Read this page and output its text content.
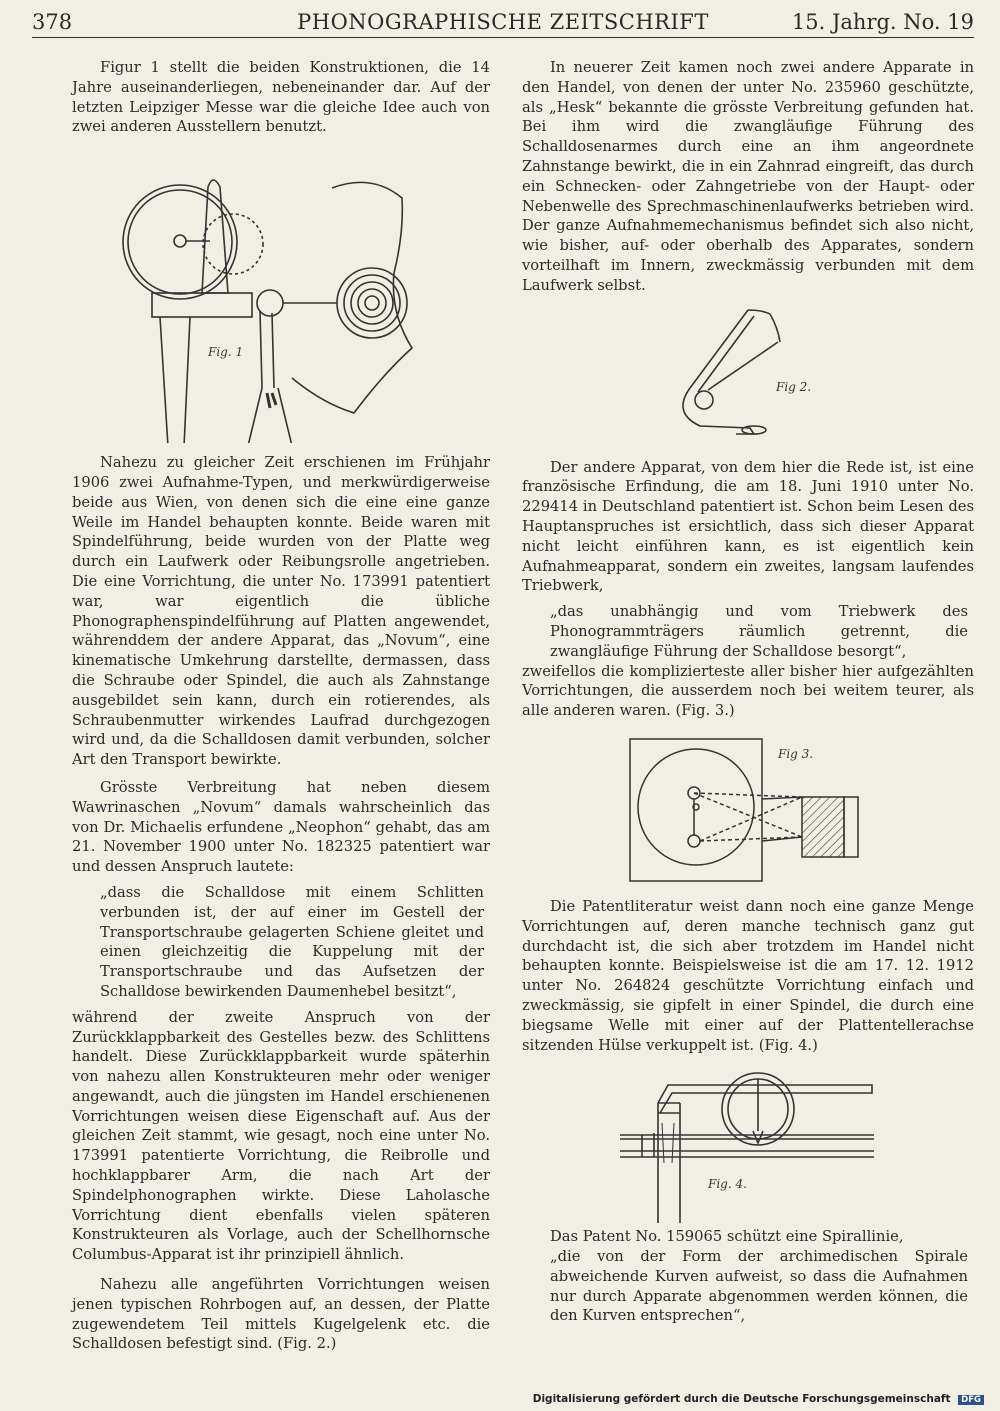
378	PHONOGRAPHISCHE ZEITSCHRIFT	15. Jahrg. No. 19

Figur 1 stellt die beiden Konstruktionen, die 14 Jahre auseinanderliegen, nebeneinander dar. Auf der letzten Leipziger Messe war die gleiche Idee auch von zwei anderen Ausstellern benutzt.

Fig. 1

Nahezu zu gleicher Zeit erschienen im Frühjahr 1906 zwei Aufnahme-Typen, und merkwürdigerweise beide aus Wien, von denen sich die eine eine ganze Weile im Handel behaupten konnte. Beide waren mit Spindelführung, beide wurden von der Platte weg durch ein Laufwerk oder Reibungsrolle angetrieben. Die eine Vorrichtung, die unter No. 173991 patentiert war, war eigentlich die übliche Phonographenspindelführung auf Platten angewendet, währenddem der andere Apparat, das „Novum“, eine kinematische Umkehrung darstellte, dermassen, dass die Schraube oder Spindel, die auch als Zahnstange ausgebildet sein kann, durch ein rotierendes, als Schraubenmutter wirkendes Laufrad durchgezogen wird und, da die Schalldosen damit verbunden, solcher Art den Transport bewirkte.

Grösste Verbreitung hat neben diesem Wawrinaschen „Novum“ damals wahrscheinlich das von Dr. Michaelis erfundene „Neophon“ gehabt, das am 21. November 1900 unter No. 182325 patentiert war und dessen Anspruch lautete:

„dass die Schalldose mit einem Schlitten verbunden ist, der auf einer im Gestell der Transportschraube gelagerten Schiene gleitet und einen gleichzeitig die Kuppelung mit der Transportschraube und das Aufsetzen der Schalldose bewirkenden Daumenhebel besitzt“,

während der zweite Anspruch von der Zurückklappbarkeit des Gestelles bezw. des Schlittens handelt. Diese Zurückklappbarkeit wurde späterhin von nahezu allen Konstrukteuren mehr oder weniger angewandt, auch die jüngsten im Handel erschienenen Vorrichtungen weisen diese Eigenschaft auf. Aus der gleichen Zeit stammt, wie gesagt, noch eine unter No. 173991 patentierte Vorrichtung, die Reibrolle und hochklappbarer Arm, die nach Art der Spindelphonographen wirkte. Diese Laholasche Vorrichtung dient ebenfalls vielen späteren Konstrukteuren als Vorlage, auch der Schellhornsche Columbus-Apparat ist ihr prinzipiell ähnlich.

Nahezu alle angeführten Vorrichtungen weisen jenen typischen Rohrbogen auf, an dessen, der Platte zugewendetem Teil mittels Kugelgelenk etc. die Schalldosen befestigt sind. (Fig. 2.)

In neuerer Zeit kamen noch zwei andere Apparate in den Handel, von denen der unter No. 235960 geschützte, als „Hesk“ bekannte die grösste Verbreitung gefunden hat. Bei ihm wird die zwangläufige Führung des Schalldosenarmes durch eine an ihm angeordnete Zahnstange bewirkt, die in ein Zahnrad eingreift, das durch ein Schnecken- oder Zahngetriebe von der Haupt- oder Nebenwelle des Sprechmaschinenlaufwerks betrieben wird. Der ganze Aufnahmemechanismus befindet sich also nicht, wie bisher, auf- oder oberhalb des Apparates, sondern vorteilhaft im Innern, zweckmässig verbunden mit dem Laufwerk selbst.

Fig 2.

Der andere Apparat, von dem hier die Rede ist, ist eine französische Erfindung, die am 18. Juni 1910 unter No. 229414 in Deutschland patentiert ist. Schon beim Lesen des Hauptanspruches ist ersichtlich, dass sich dieser Apparat nicht leicht einführen kann, es ist eigentlich kein Aufnahmeapparat, sondern ein zweites, langsam laufendes Triebwerk,

„das unabhängig und vom Triebwerk des Phonogrammträgers räumlich getrennt, die zwangläufige Führung der Schalldose besorgt“,

zweifellos die komplizierteste aller bisher hier aufgezählten Vorrichtungen, die ausserdem noch bei weitem teurer, als alle anderen waren. (Fig. 3.)

Fig 3.

Die Patentliteratur weist dann noch eine ganze Menge Vorrichtungen auf, deren manche technisch ganz gut durchdacht ist, die sich aber trotzdem im Handel nicht behaupten konnte. Beispielsweise ist die am 17. 12. 1912 unter No. 264824 geschützte Vorrichtung einfach und zweckmässig, sie gipfelt in einer Spindel, die durch eine biegsame Welle mit einer auf der Plattentellerachse sitzenden Hülse verkuppelt ist. (Fig. 4.)

Fig. 4.

Das Patent No. 159065 schützt eine Spirallinie,

„die von der Form der archimedischen Spirale abweichende Kurven aufweist, so dass die Aufnahmen nur durch Apparate abgenommen werden können, die den Kurven entsprechen“,

Digitalisierung gefördert durch die Deutsche Forschungsgemeinschaft DFG
